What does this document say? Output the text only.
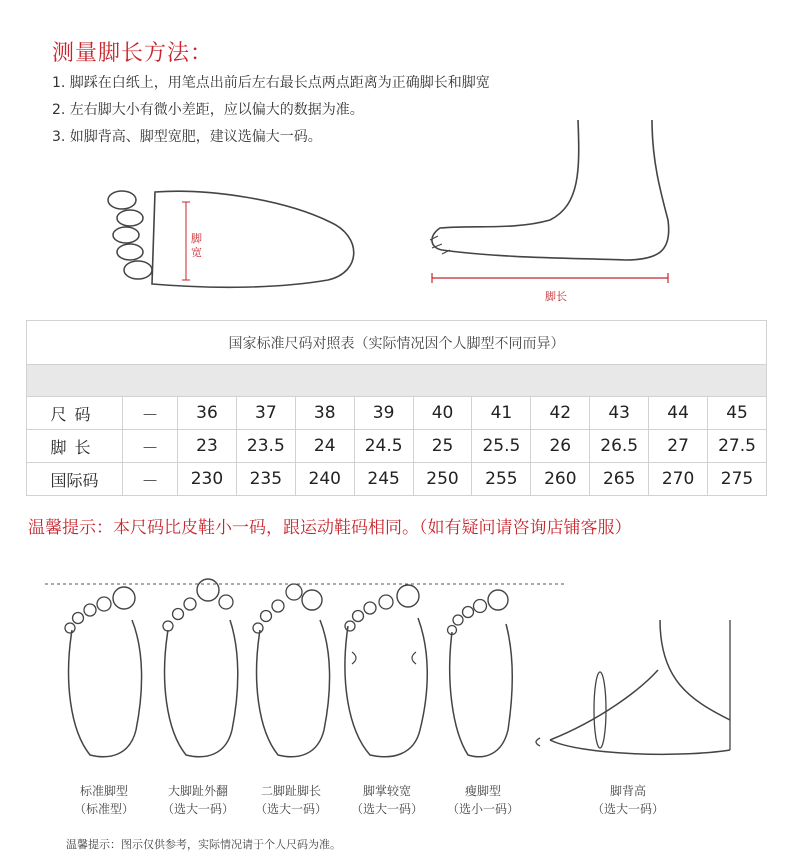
测量脚长方法：
1. 脚踩在白纸上，用笔点出前后左右最长点两点距离为正确脚长和脚宽
2. 左右脚大小有微小差距，应以偏大的数据为准。
3. 如脚背高、脚型宽肥，建议选偏大一码。
脚宽
脚长
国家标准尺码对照表（实际情况因个人脚型不同而异）											

尺码	－	36	37	38	39	40	41	42	43	44	45
脚长	－	23	23.5	24	24.5	25	25.5	26	26.5	27	27.5
国际码	－	230	235	240	245	250	255	260	265	270	275
温馨提示：本尺码比皮鞋小一码，跟运动鞋码相同。（如有疑问请咨询店铺客服）
标准脚型
（标准型）
大脚趾外翻
（选大一码）
二脚趾脚长
（选大一码）
脚掌较宽
（选大一码）
瘦脚型
（选小一码）
脚背高
（选大一码）
温馨提示：图示仅供参考，实际情况请于个人尺码为准。
